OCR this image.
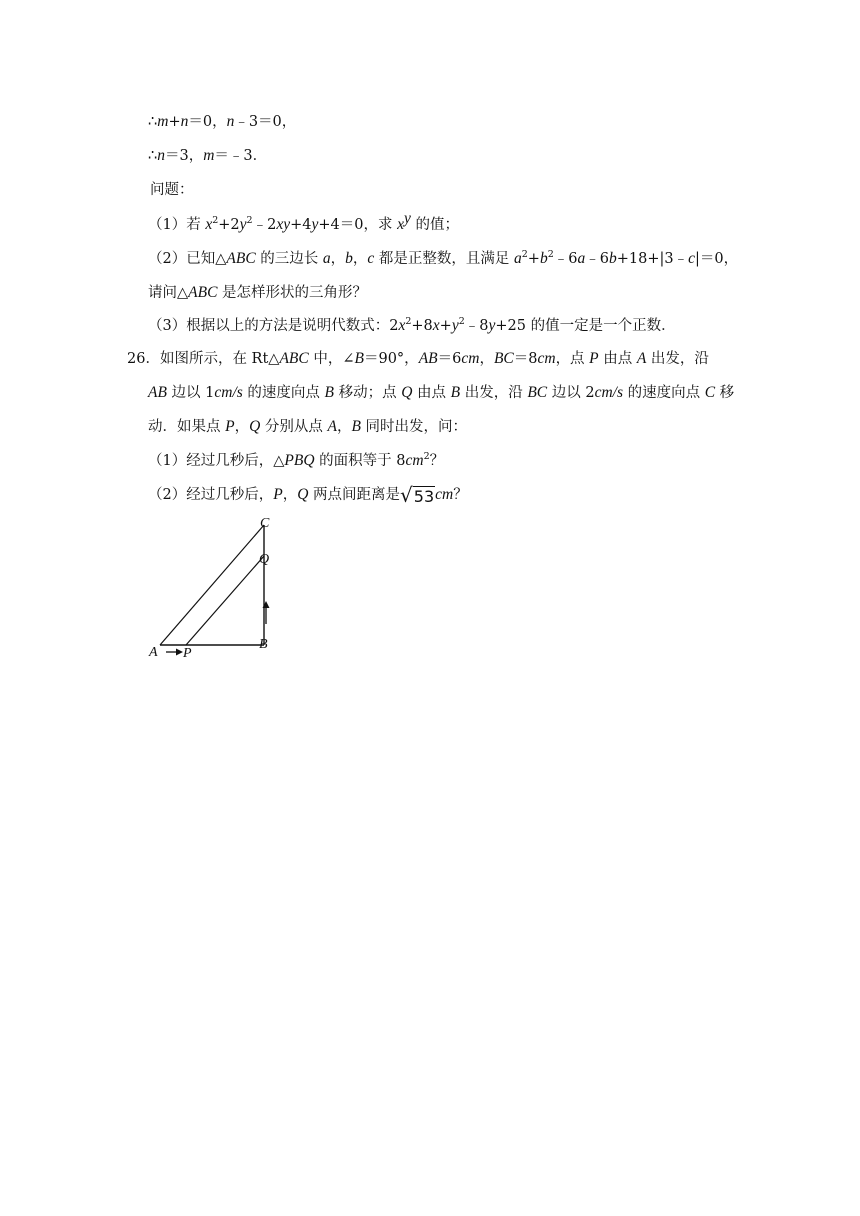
∴m+n＝0，n﹣3＝0，
∴n＝3，m＝﹣3．
问题：
（1）若 $x^2+2y^2﹣2xy+4y+4=0$，求 $x^y$ 的值；
（2）已知△ABC 的三边长 a，b，c 都是正整数，且满足 $a^2+b^2﹣6a﹣6b+18+|3﹣c|=0$，
请问△ABC 是怎样形状的三角形？
（3）根据以上的方法是说明代数式：$2x^2+8x+y^2﹣8y+25$ 的值一定是一个正数．
26．如图所示，在 Rt△ABC 中，∠B＝90°，AB＝6cm，BC＝8cm，点 P 由点 A 出发，沿
AB 边以 1cm/s 的速度向点 B 移动；点 Q 由点 B 出发，沿 BC 边以 2cm/s 的速度向点 C 移
动．如果点 P，Q 分别从点 A，B 同时出发，问：
（1）经过几秒后，△PBQ 的面积等于 $8cm^2$？
（2）经过几秒后，P，Q 两点间距离是√53cm？
A P
B
Q
C
